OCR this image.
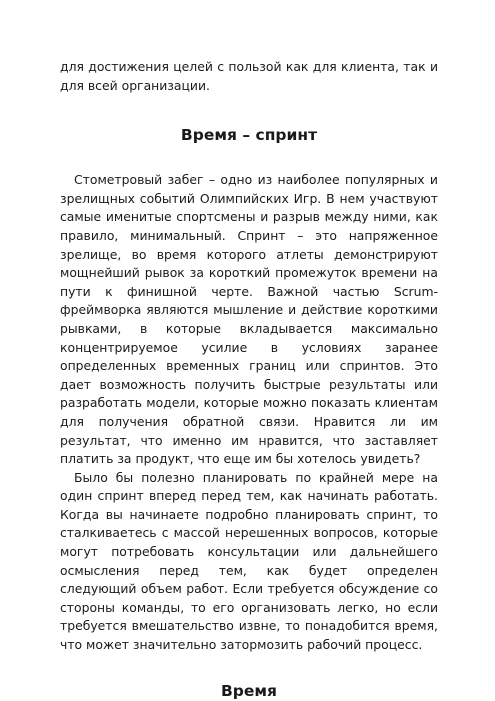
для достижения целей с пользой как для клиента, так и для всей организации.

Время – спринт

Стометровый забег – одно из наиболее популярных и зрелищных событий Олимпийских Игр. В нем участвуют самые именитые спортсмены и разрыв между ними, как правило, минимальный. Спринт – это напряженное зрелище, во время которого атлеты демонстрируют мощнейший рывок за короткий промежуток времени на пути к финишной черте. Важной частью Scrum-фреймворка являются мышление и действие короткими рывками, в которые вкладывается максимально концентрируемое усилие в условиях заранее определенных временных границ или спринтов. Это дает возможность получить быстрые результаты или разработать модели, которые можно показать клиентам для получения обратной связи. Нравится ли им результат, что именно им нравится, что заставляет платить за продукт, что еще им бы хотелось увидеть?

Было бы полезно планировать по крайней мере на один спринт вперед перед тем, как начинать работать. Когда вы начинаете подробно планировать спринт, то сталкиваетесь с массой нерешенных вопросов, которые могут потребовать консультации или дальнейшего осмысления перед тем, как будет определен следующий объем работ. Если требуется обсуждение со стороны команды, то его организовать легко, но если требуется вмешательство извне, то понадобится время, что может значительно затормозить рабочий процесс.

Время
